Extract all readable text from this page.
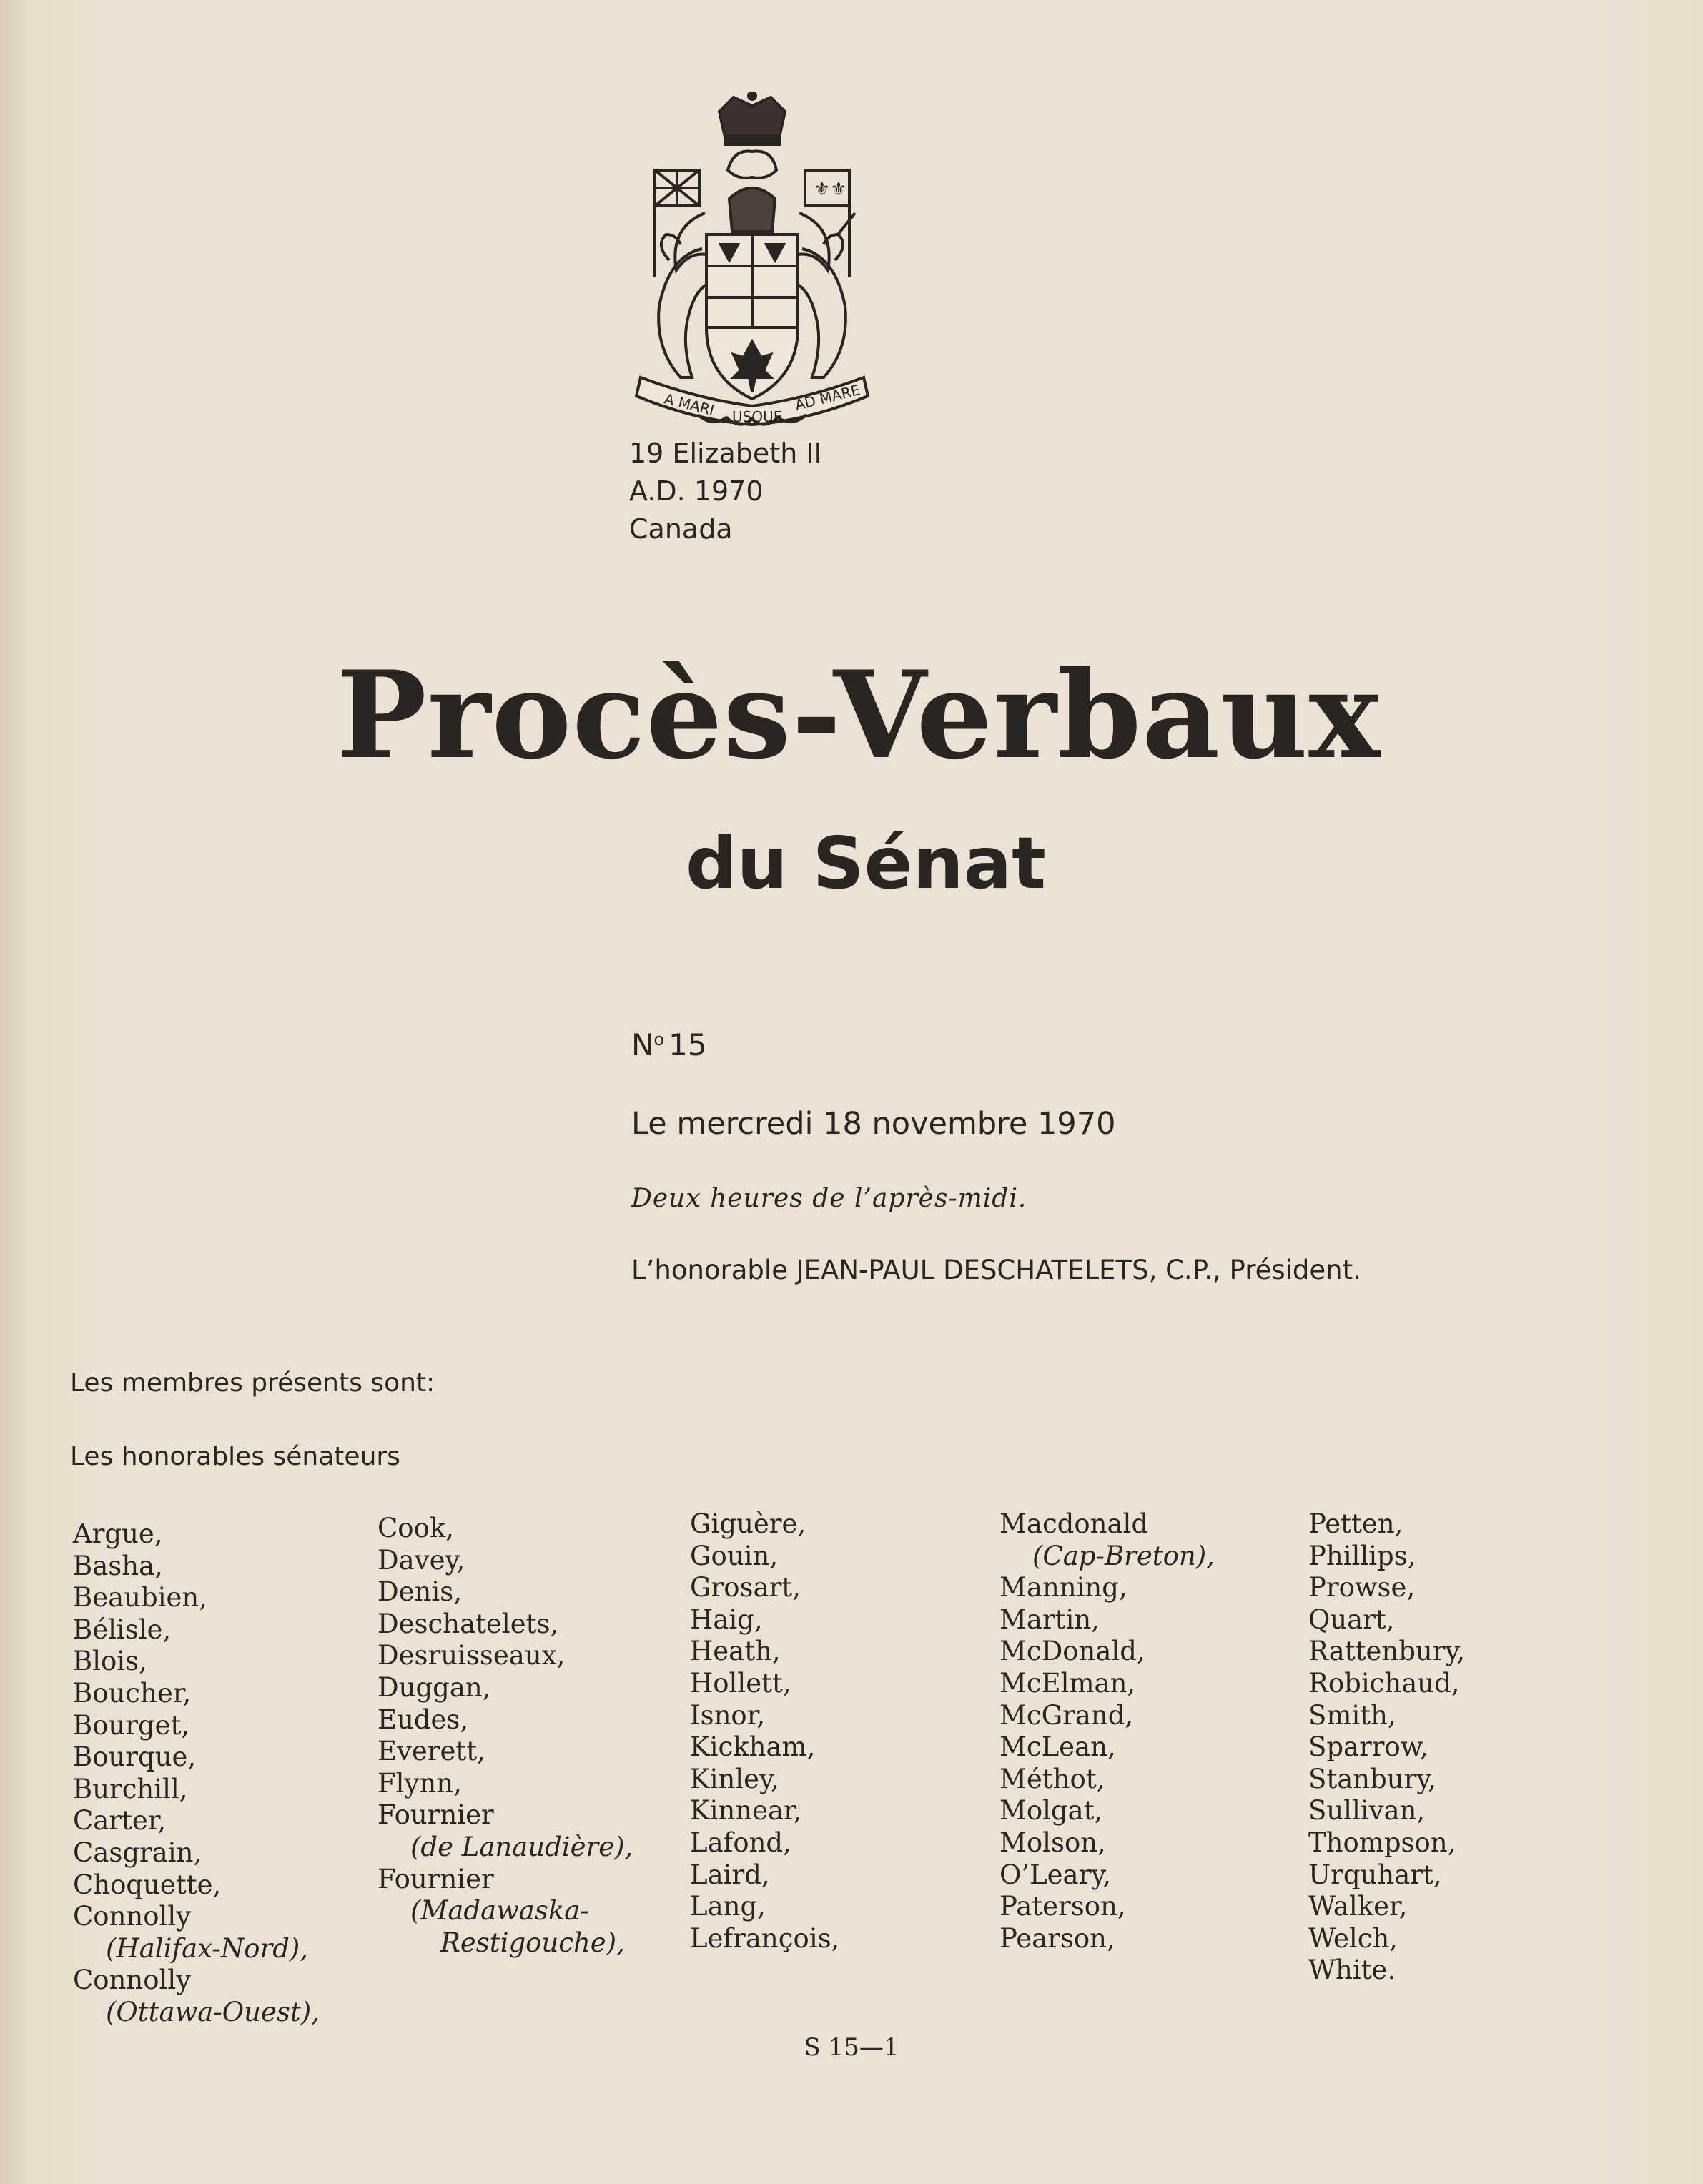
⚜⚜
A MARI USQUE
AD MARE
19 Elizabeth II
A.D. 1970
Canada
Procès-Verbaux
du Sénat
$N^o$ 15
Le mercredi 18 novembre 1970
Deux heures de l’après-midi.
L’honorable JEAN-PAUL DESCHATELETS, C.P., Président.
Les membres présents sont:
Les honorables sénateurs
Argue,
Basha,
Beaubien,
Bélisle,
Blois,
Boucher,
Bourget,
Bourque,
Burchill,
Carter,
Casgrain,
Choquette,
Connolly
(Halifax-Nord),
Connolly
(Ottawa-Ouest),
Cook,
Davey,
Denis,
Deschatelets,
Desruisseaux,
Duggan,
Eudes,
Everett,
Flynn,
Fournier
(de Lanaudière),
Fournier
(Madawaska-
Restigouche),
Giguère,
Gouin,
Grosart,
Haig,
Heath,
Hollett,
Isnor,
Kickham,
Kinley,
Kinnear,
Lafond,
Laird,
Lang,
Lefrançois,
Macdonald
(Cap-Breton),
Manning,
Martin,
McDonald,
McElman,
McGrand,
McLean,
Méthot,
Molgat,
Molson,
O’Leary,
Paterson,
Pearson,
Petten,
Phillips,
Prowse,
Quart,
Rattenbury,
Robichaud,
Smith,
Sparrow,
Stanbury,
Sullivan,
Thompson,
Urquhart,
Walker,
Welch,
White.
S 15—1
